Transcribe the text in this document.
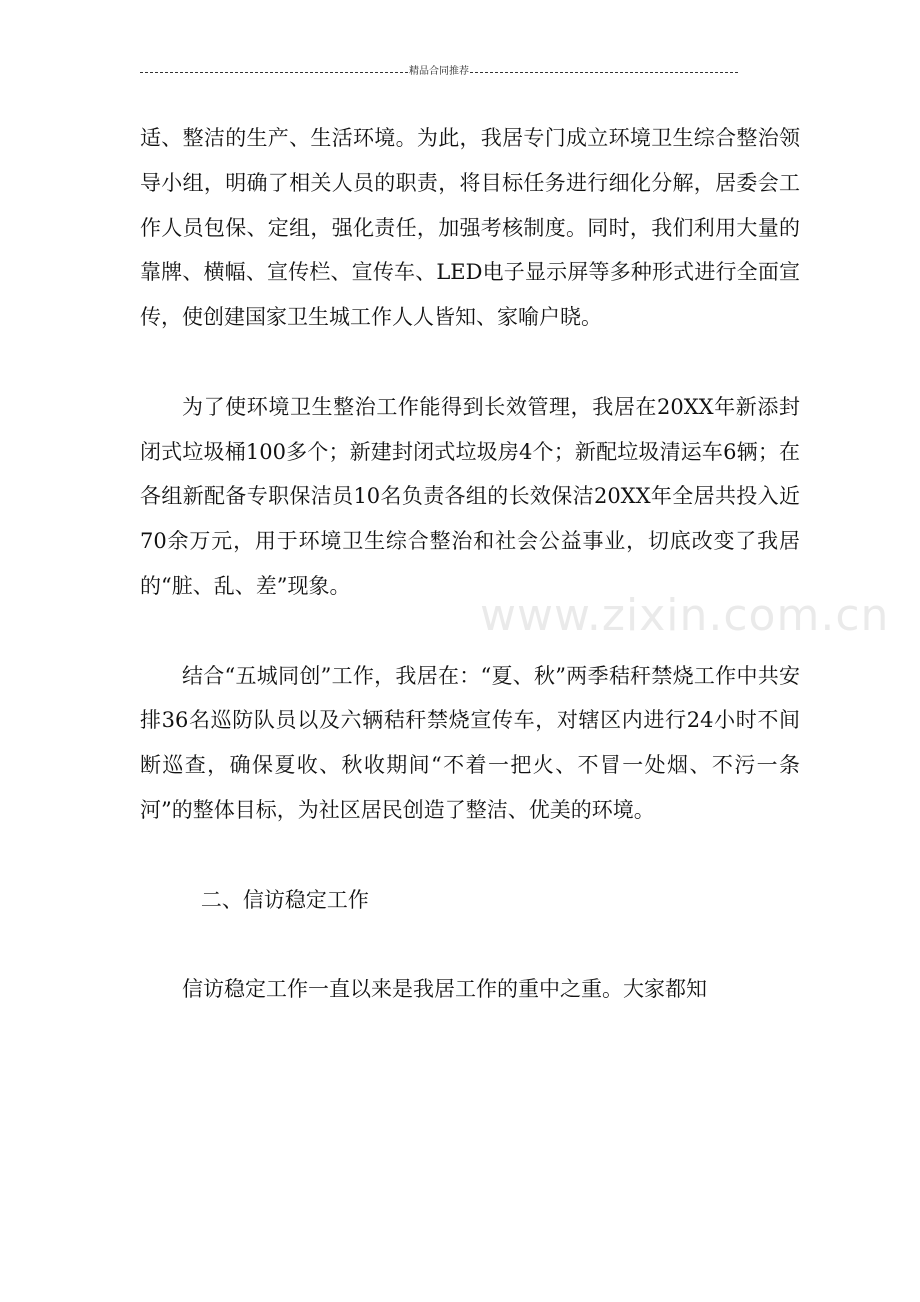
精品合同推荐
www.zixin.com.cn

适、整洁的生产、生活环境。为此，我居专门成立环境卫生综合整治领导小组，明确了相关人员的职责，将目标任务进行细化分解，居委会工作人员包保、定组，强化责任，加强考核制度。同时，我们利用大量的靠牌、横幅、宣传栏、宣传车、LED电子显示屏等多种形式进行全面宣传，使创建国家卫生城工作人人皆知、家喻户晓。

为了使环境卫生整治工作能得到长效管理，我居在20XX年新添封闭式垃圾桶100多个；新建封闭式垃圾房4个；新配垃圾清运车6辆；在各组新配备专职保洁员10名负责各组的长效保洁20XX年全居共投入近70余万元，用于环境卫生综合整治和社会公益事业，切底改变了我居的“脏、乱、差”现象。

结合“五城同创”工作，我居在：“夏、秋”两季秸秆禁烧工作中共安排36名巡防队员以及六辆秸秆禁烧宣传车，对辖区内进行24小时不间断巡查，确保夏收、秋收期间“不着一把火、不冒一处烟、不污一条河”的整体目标，为社区居民创造了整洁、优美的环境。

二、信访稳定工作

信访稳定工作一直以来是我居工作的重中之重。大家都知
